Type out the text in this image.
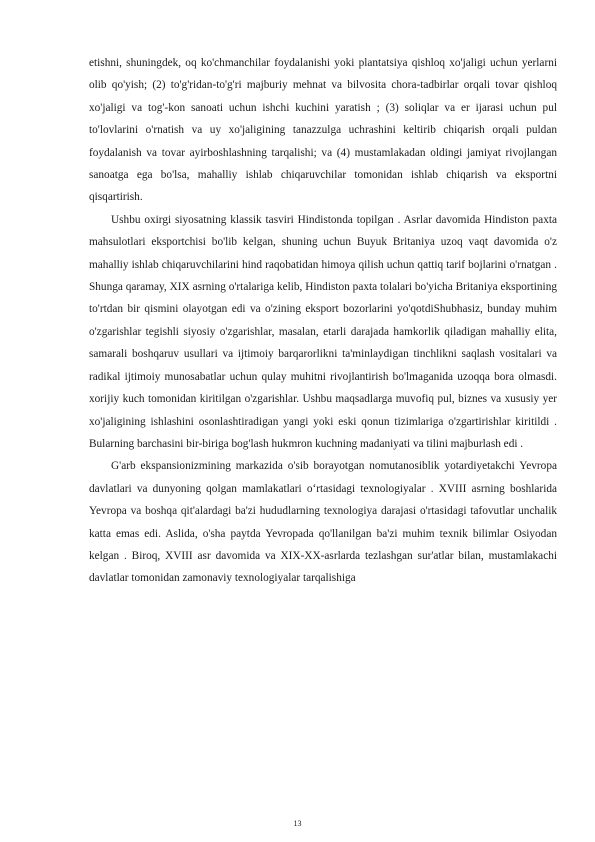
etishni, shuningdek, oq ko'chmanchilar foydalanishi yoki plantatsiya qishloq xo'jaligi uchun yerlarni olib qo'yish; (2) to'g'ridan-to'g'ri majburiy mehnat va bilvosita chora-tadbirlar orqali tovar qishloq xo'jaligi va tog'-kon sanoati uchun ishchi kuchini yaratish ; (3) soliqlar va er ijarasi uchun pul to'lovlarini o'rnatish va uy xo'jaligining tanazzulga uchrashini keltirib chiqarish orqali puldan foydalanish va tovar ayirboshlashning tarqalishi; va (4) mustamlakadan oldingi jamiyat rivojlangan sanoatga ega bo'lsa, mahalliy ishlab chiqaruvchilar tomonidan ishlab chiqarish va eksportni qisqartirish.

Ushbu oxirgi siyosatning klassik tasviri Hindistonda topilgan . Asrlar davomida Hindiston paxta mahsulotlari eksportchisi bo'lib kelgan, shuning uchun Buyuk Britaniya uzoq vaqt davomida o'z mahalliy ishlab chiqaruvchilarini hind raqobatidan himoya qilish uchun qattiq tarif bojlarini o'rnatgan . Shunga qaramay, XIX asrning o'rtalariga kelib, Hindiston paxta tolalari bo'yicha Britaniya eksportining to'rtdan bir qismini olayotgan edi va o'zining eksport bozorlarini yo'qotdiShubhasiz, bunday muhim o'zgarishlar tegishli siyosiy o'zgarishlar, masalan, etarli darajada hamkorlik qiladigan mahalliy elita, samarali boshqaruv usullari va ijtimoiy barqarorlikni ta'minlaydigan tinchlikni saqlash vositalari va radikal ijtimoiy munosabatlar uchun qulay muhitni rivojlantirish bo'lmaganida uzoqqa bora olmasdi. xorijiy kuch tomonidan kiritilgan o'zgarishlar. Ushbu maqsadlarga muvofiq pul, biznes va xususiy yer xo'jaligining ishlashini osonlashtiradigan yangi yoki eski qonun tizimlariga o'zgartirishlar kiritildi . Bularning barchasini bir-biriga bog'lash hukmron kuchning madaniyati va tilini majburlash edi .

G'arb ekspansionizmining markazida o'sib borayotgan nomutanosiblik yotardiyetakchi Yevropa davlatlari va dunyoning qolgan mamlakatlari o‘rtasidagi texnologiyalar . XVIII asrning boshlarida Yevropa va boshqa qit'alardagi ba'zi hududlarning texnologiya darajasi o'rtasidagi tafovutlar unchalik katta emas edi. Aslida, o'sha paytda Yevropada qo'llanilgan ba'zi muhim texnik bilimlar Osiyodan kelgan . Biroq, XVIII asr davomida va XIX-XX-asrlarda tezlashgan sur'atlar bilan, mustamlakachi davlatlar tomonidan zamonaviy texnologiyalar tarqalishiga

13
